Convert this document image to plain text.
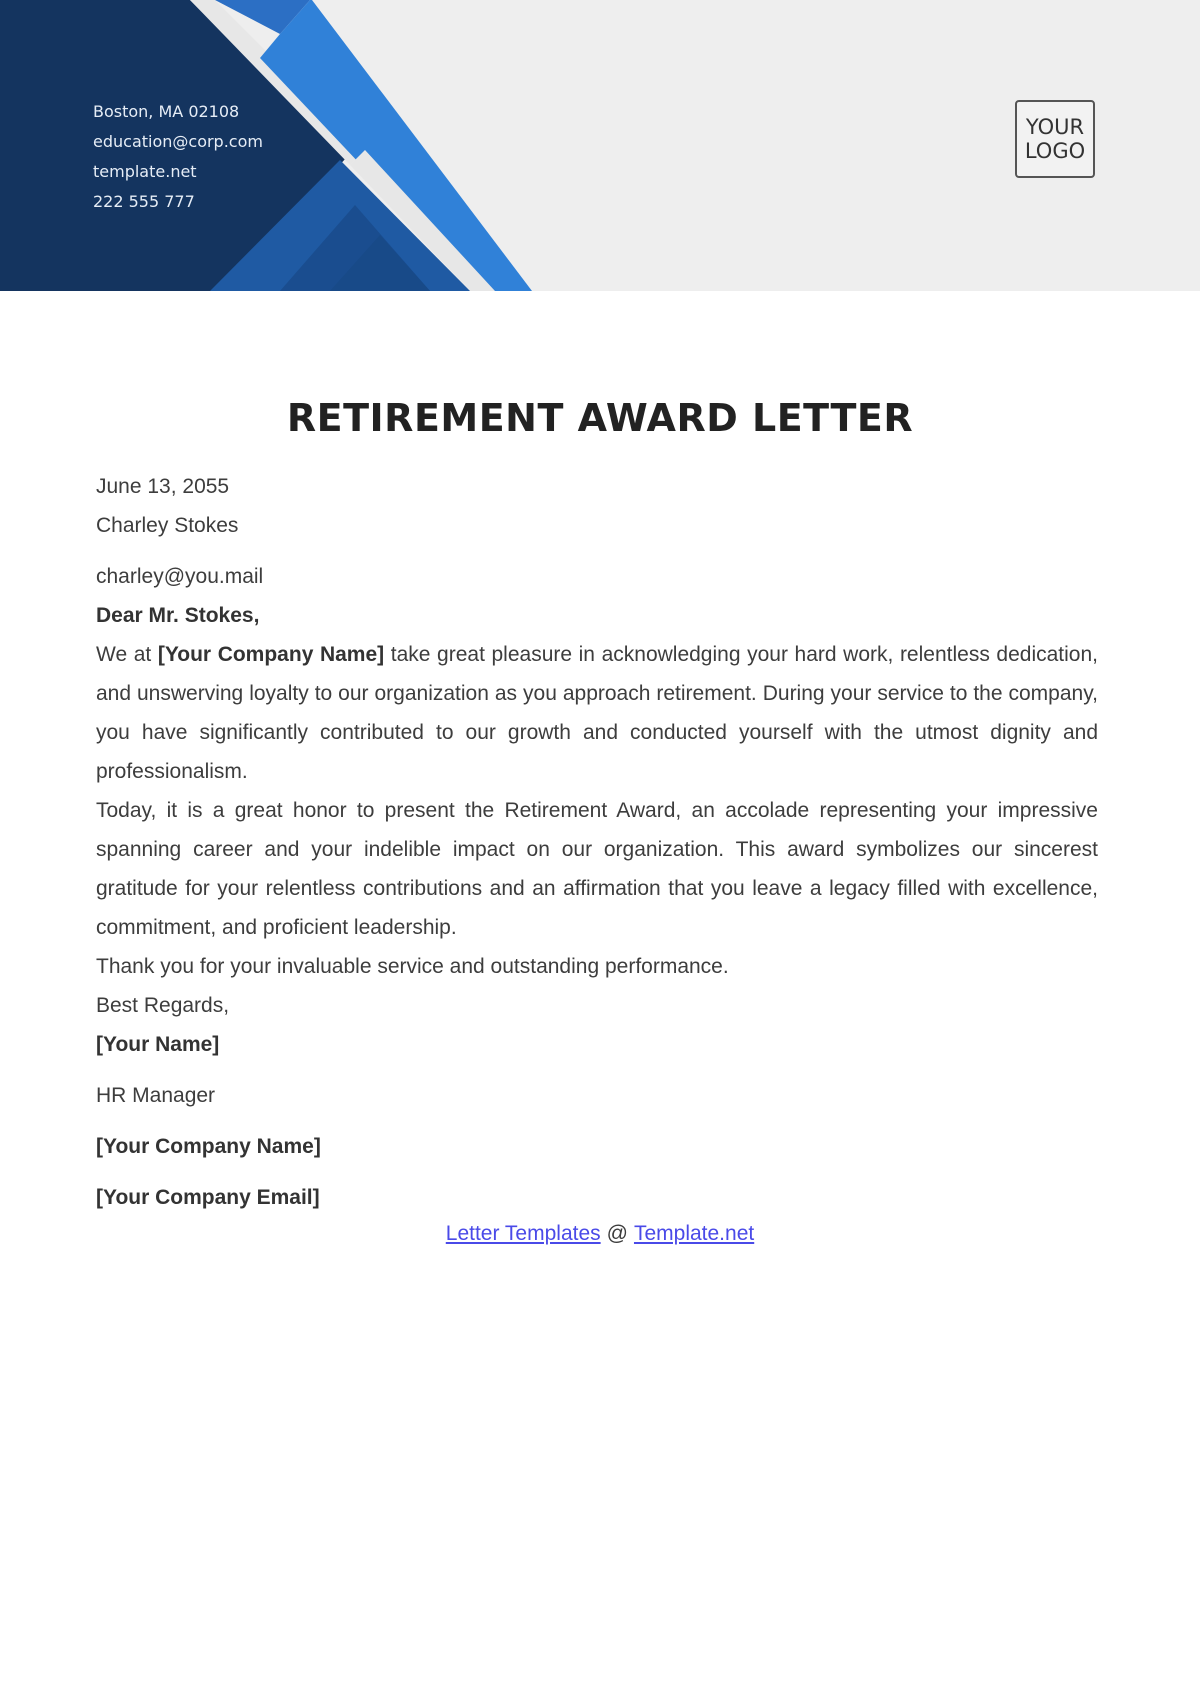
Boston, MA 02108
education@corp.com
template.net
222 555 777
YOUR
LOGO
RETIREMENT AWARD LETTER
June 13, 2055
Charley Stokes
charley@you.mail
Dear Mr. Stokes,
We at [Your Company Name] take great pleasure in acknowledging your hard work, relentless dedication, and unswerving loyalty to our organization as you approach retirement. During your service to the company, you have significantly contributed to our growth and conducted yourself with the utmost dignity and professionalism.
Today, it is a great honor to present the Retirement Award, an accolade representing your impressive spanning career and your indelible impact on our organization. This award symbolizes our sincerest gratitude for your relentless contributions and an affirmation that you leave a legacy filled with excellence, commitment, and proficient leadership.
Thank you for your invaluable service and outstanding performance.
Best Regards,
[Your Name]
HR Manager
[Your Company Name]
[Your Company Email]
Letter Templates @ Template.net
